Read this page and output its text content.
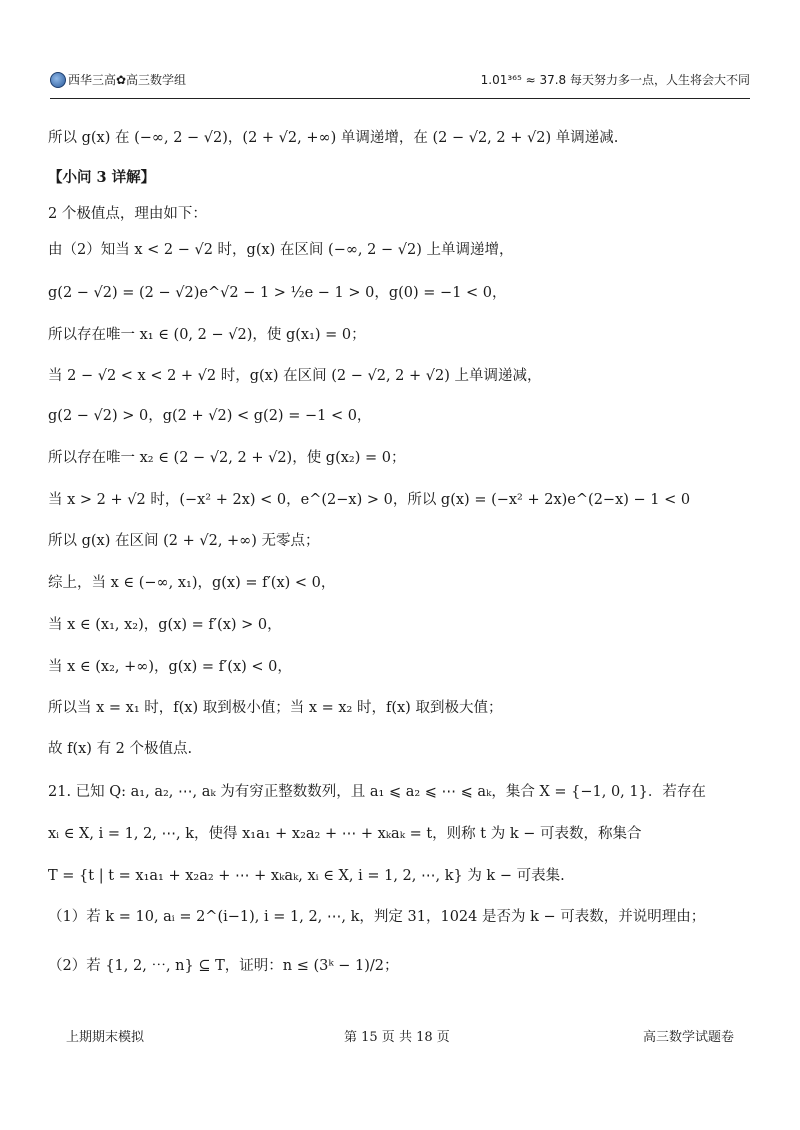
西华三高✿高三数学组	1.01³⁶⁵ ≈ 37.8 每天努力多一点，人生将会大不同
所以 g(x) 在 (−∞, 2 − √2)，(2 + √2, +∞) 单调递增，在 (2 − √2, 2 + √2) 单调递减.
【小问 3 详解】
2 个极值点，理由如下：
由（2）知当 x < 2 − √2 时，g(x) 在区间 (−∞, 2 − √2) 上单调递增，
g(2 − √2) = (2 − √2)e^√2 − 1 > ½e − 1 > 0，g(0) = −1 < 0，
所以存在唯一 x₁ ∈ (0, 2 − √2)，使 g(x₁) = 0；
当 2 − √2 < x < 2 + √2 时，g(x) 在区间 (2 − √2, 2 + √2) 上单调递减，
g(2 − √2) > 0，g(2 + √2) < g(2) = −1 < 0，
所以存在唯一 x₂ ∈ (2 − √2, 2 + √2)，使 g(x₂) = 0；
当 x > 2 + √2 时，(−x² + 2x) < 0，e^(2−x) > 0，所以 g(x) = (−x² + 2x)e^(2−x) − 1 < 0
所以 g(x) 在区间 (2 + √2, +∞) 无零点；
综上，当 x ∈ (−∞, x₁)，g(x) = f′(x) < 0，
当 x ∈ (x₁, x₂)，g(x) = f′(x) > 0，
当 x ∈ (x₂, +∞)，g(x) = f′(x) < 0，
所以当 x = x₁ 时，f(x) 取到极小值；当 x = x₂ 时，f(x) 取到极大值；
故 f(x) 有 2 个极值点.
21. 已知 Q: a₁, a₂, ⋯, aₖ 为有穷正整数数列，且 a₁ ⩽ a₂ ⩽ ⋯ ⩽ aₖ，集合 X = {−1, 0, 1}．若存在
xᵢ ∈ X, i = 1, 2, ⋯, k，使得 x₁a₁ + x₂a₂ + ⋯ + xₖaₖ = t，则称 t 为 k − 可表数，称集合
T = {t | t = x₁a₁ + x₂a₂ + ⋯ + xₖaₖ, xᵢ ∈ X, i = 1, 2, ⋯, k} 为 k − 可表集.
（1）若 k = 10, aᵢ = 2^(i−1), i = 1, 2, ⋯, k，判定 31，1024 是否为 k − 可表数，并说明理由；
（2）若 {1, 2, ⋯, n} ⊆ T，证明：n ≤ (3ᵏ − 1)/2；
上期期末模拟	第 15 页 共 18 页	高三数学试题卷
